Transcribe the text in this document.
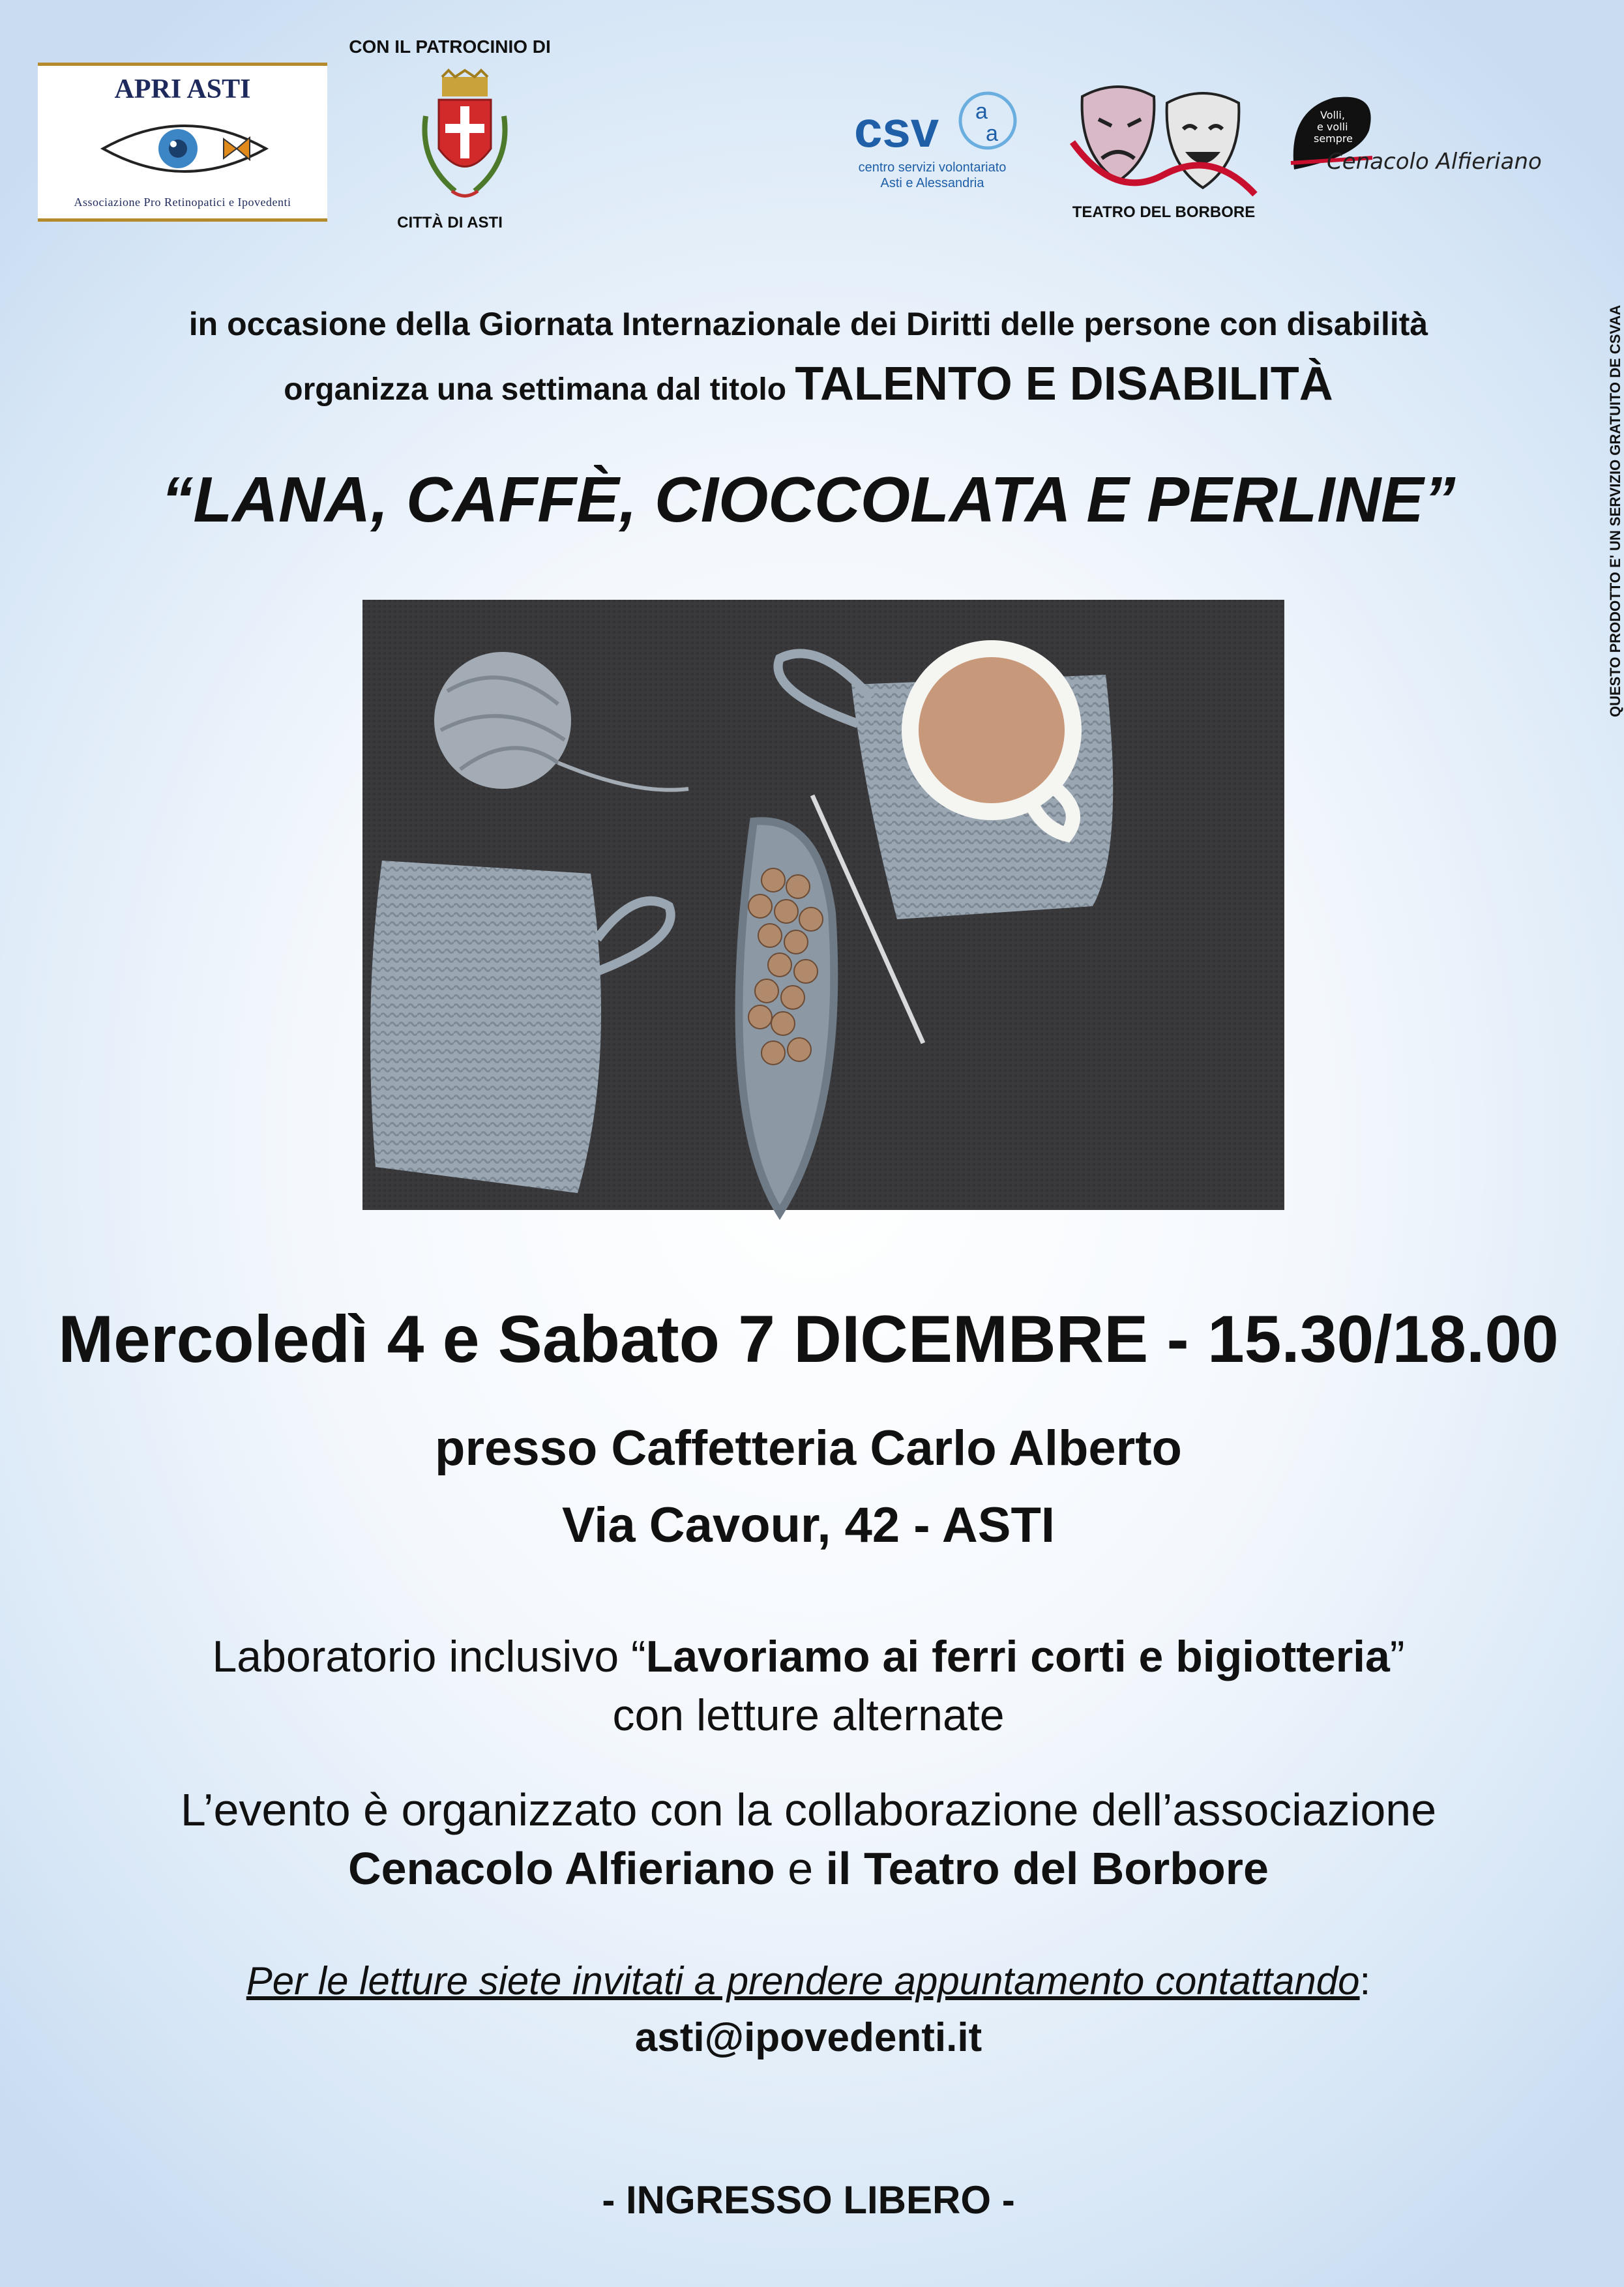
APRI ASTI
Associazione Pro Retinopatici e Ipovedenti
CON IL PATROCINIO DI
CITTÀ DI ASTI
csv a
a
centro servizi volontariato
Asti e Alessandria
TEATRO DEL BORBORE
Volli,
e volli
sempre
Cenacolo Alfieriano
QUESTO PRODOTTO E' UN SERVIZIO GRATUITO DE CSVAA
in occasione della Giornata Internazionale dei Diritti delle persone con disabilità
organizza una settimana dal titolo TALENTO E DISABILITÀ
“LANA, CAFFÈ, CIOCCOLATA E PERLINE”
Mercoledì 4 e Sabato 7 DICEMBRE - 15.30/18.00
presso Caffetteria Carlo Alberto
Via Cavour, 42 - ASTI
Laboratorio inclusivo “Lavoriamo ai ferri corti e bigiotteria”
con letture alternate
L’evento è organizzato con la collaborazione dell’associazione
Cenacolo Alfieriano e il Teatro del Borbore
Per le letture siete invitati a prendere appuntamento contattando:
asti@ipovedenti.it
- INGRESSO LIBERO -
